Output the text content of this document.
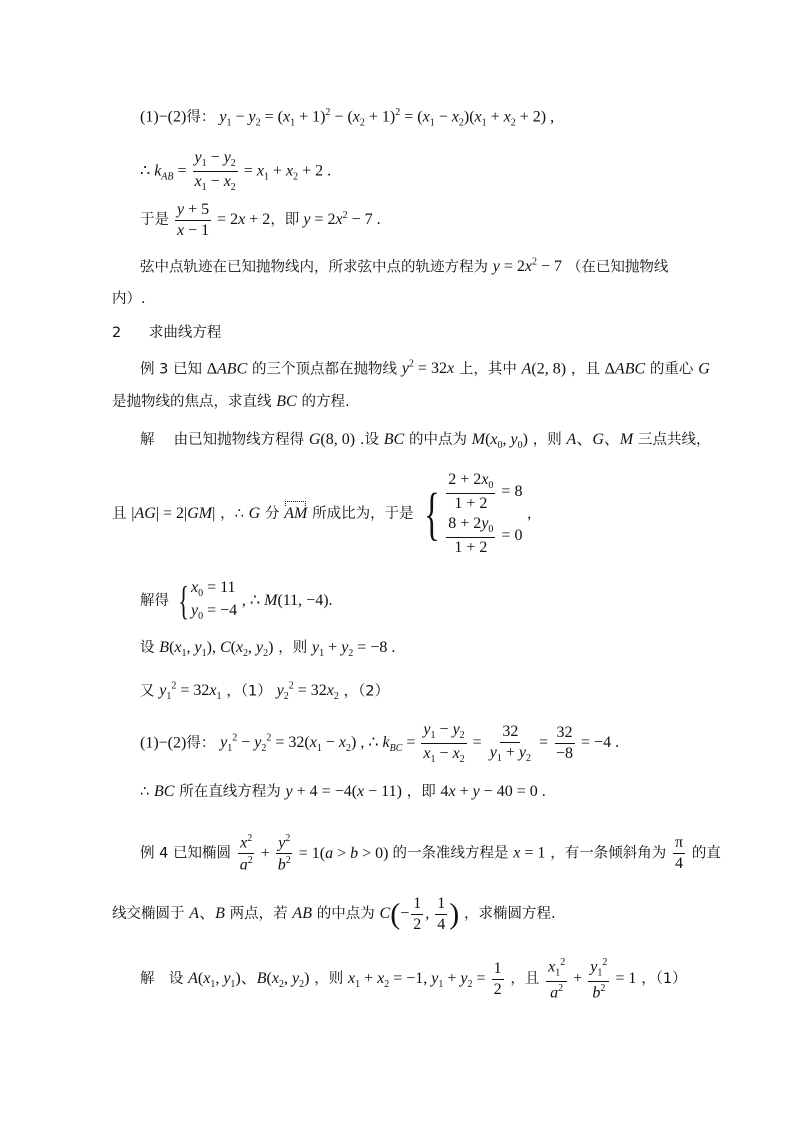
(1)−(2)得： $y_1 - y_2 = (x_1 + 1)^2 - (x_2 + 1)^2 = (x_1 - x_2)(x_1 + x_2 + 2)$ ,
∴ $k_{AB} = \frac{y_1 - y_2}{x_1 - x_2} = x_1 + x_2 + 2$ .
于是 $\frac{y + 5}{x - 1} = 2x + 2$，即 $y = 2x^2 - 7$ .
弦中点轨迹在已知抛物线内，所求弦中点的轨迹方程为 $y = 2x^2 - 7$ （在已知抛物线
内）.
2 求曲线方程
例 3 已知 ΔABC 的三个顶点都在抛物线 $y^2 = 32x$ 上，其中 A(2, 8) ，且 ΔABC 的重心 G
是抛物线的焦点，求直线 BC 的方程.
解 由已知抛物线方程得 G(8, 0) .设 BC 的中点为 $M(x_0$, $y_0$) ，则 A、G、M 三点共线，
且 |AG| = 2|GM| ，∴ G 分 AM 所成比为，于是 { $\frac{2 + 2x_0}{1 + 2} = 8$
$\frac{8 + 2y_0}{1 + 2} = 0$
,
解得 { $x_0 = 11$
$y_0 = -4$
, ∴ M(11, −4).
设 $B(x_1$, $y_1$), $C(x_2$, $y_2$) ，则 $y_1 + y_2 = -8$ .
又 $y_1^2 = 32x_1$ ，（1） $y_2^2 = 32x_2$ ，（2）
(1)−(2)得： $y_1^2 - y_2^2 = 32(x_1 - x_2)$ , ∴ $k_{BC} = \frac{y_1 - y_2}{x_1 - x_2} = \frac{32}{y_1 + y_2} = \frac{32}{-8} = -4$ .
∴ BC 所在直线方程为 y + 4 = −4(x − 11) ，即 4x + y − 40 = 0 .
例 4 已知椭圆 $\frac{x^2}{a^2} + \frac{y^2}{b^2} = 1(a > b > 0)$ 的一条准线方程是 x = 1 ，有一条倾斜角为 $\frac{\pi}{4}$ 的直
线交椭圆于 A、B 两点，若 AB 的中点为 $C(- \frac{1}{2}$ , $\frac{1}{4}$ ) ，求椭圆方程.
解 设 $A(x_1$, $y_1$)、$B(x_2$, $y_2$) ，则 $x_1 + x_2 = -1$, $y_1 + y_2 = \frac{1}{2}$ ，且 $\frac{x_1^2}{a^2} + \frac{y_1^2}{b^2} = 1$ ，（1）
